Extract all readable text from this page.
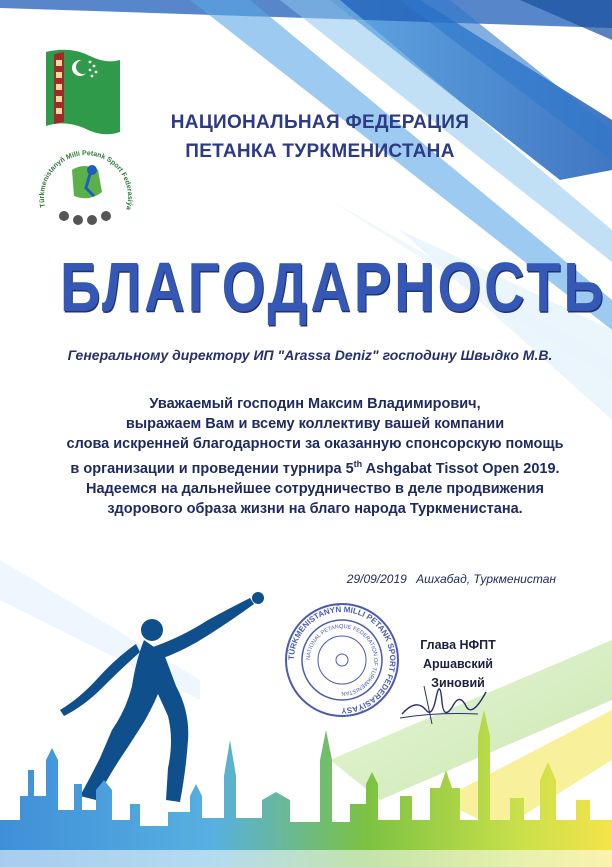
Türkmenistanyň Milli Petank Sport Federasiýa
НАЦИОНАЛЬНАЯ ФЕДЕРАЦИЯ
ПЕТАНКА ТУРКМЕНИСТАНА
БЛАГОДАРНОСТЬ
Генеральному директору ИП "Arassa Deniz" господину Швыдко М.В.
Уважаемый господин Максим Владимирович,
выражаем Вам и всему коллективу вашей компании
слова искренней благодарности за оказанную спонсорскую помощь
в организации и проведении турнира 5th Ashgabat Tissot Open 2019.
Надеемся на дальнейшее сотрудничество в деле продвижения
здорового образа жизни на благо народа Туркменистана.
29/09/2019 Ашхабад, Туркменистан
TÜRKMENISTANYŇ MILLI PETANK SPORT FEDERASIÝASY
NATIONAL PETANQUE FEDERATION OF TURKMENISTAN
Глава НФПТ
Аршавский Зиновий
